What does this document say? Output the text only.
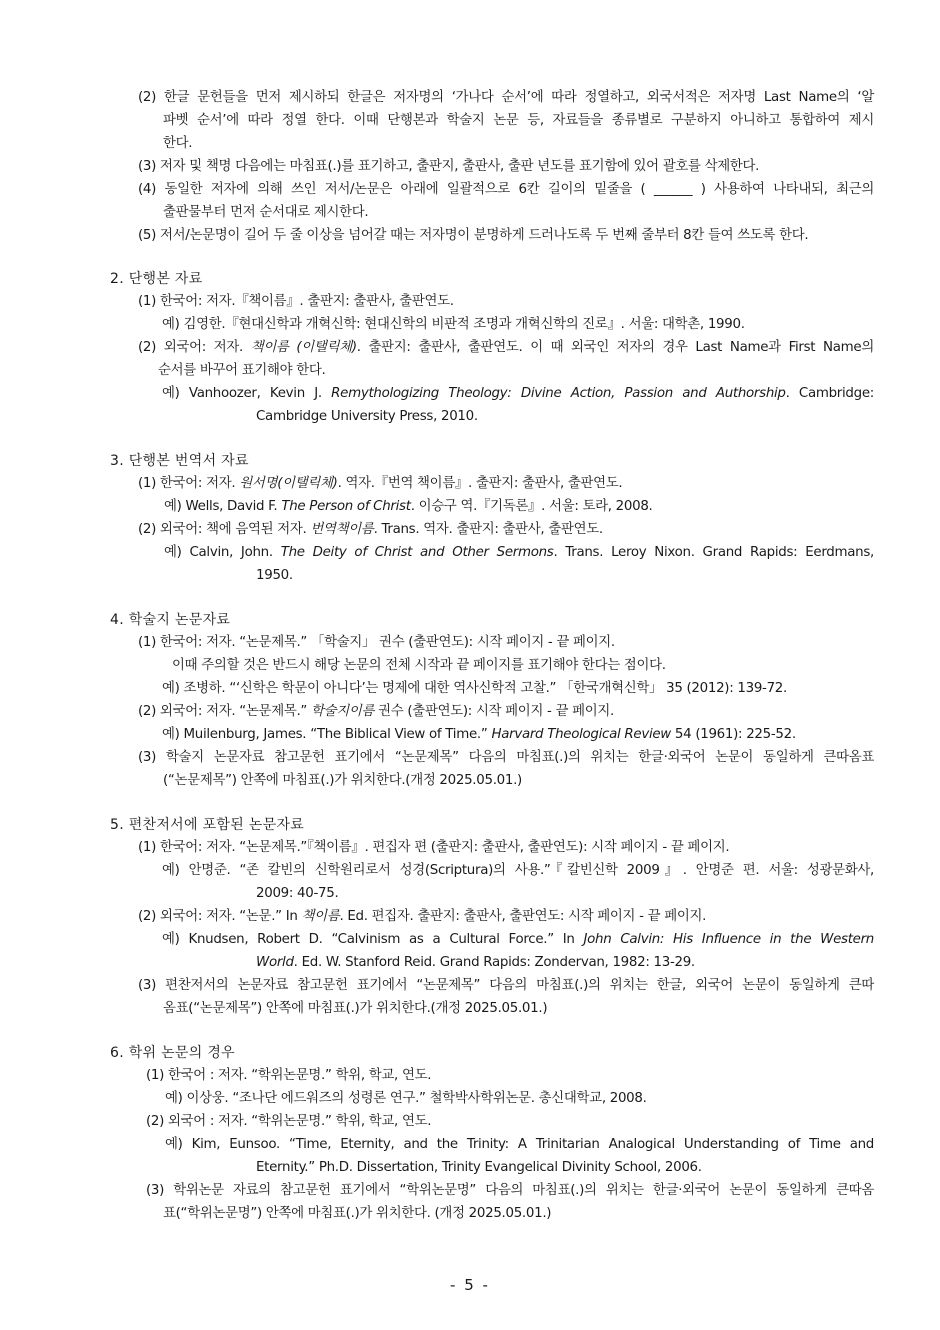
(2) 한글 문헌들을 먼저 제시하되 한글은 저자명의 ‘가나다 순서’에 따라 정열하고, 외국서적은 저자명 Last Name의 ‘알
파벳 순서’에 따라 정열 한다. 이때 단행본과 학술지 논문 등, 자료들을 종류별로 구분하지 아니하고 통합하여 제시
한다.
(3) 저자 및 책명 다음에는 마침표(.)를 표기하고, 출판지, 출판사, 출판 년도를 표기함에 있어 괄호를 삭제한다.
(4) 동일한 저자에 의해 쓰인 저서/논문은 아래에 일괄적으로 6칸 길이의 밑줄을 ( ______ ) 사용하여 나타내되, 최근의
출판물부터 먼저 순서대로 제시한다.
(5) 저서/논문명이 길어 두 줄 이상을 넘어갈 때는 저자명이 분명하게 드러나도록 두 번째 줄부터 8칸 들여 쓰도록 한다.
2. 단행본 자료
(1) 한국어: 저자.『책이름』. 출판지: 출판사, 출판연도.
예) 김영한.『현대신학과 개혁신학: 현대신학의 비판적 조명과 개혁신학의 진로』. 서울: 대학촌, 1990.
(2) 외국어: 저자. 책이름 (이탤릭체). 출판지: 출판사, 출판연도. 이 때 외국인 저자의 경우 Last Name과 First Name의
순서를 바꾸어 표기해야 한다.
예) Vanhoozer, Kevin J. Remythologizing Theology: Divine Action, Passion and Authorship. Cambridge:
Cambridge University Press, 2010.
3. 단행본 번역서 자료
(1) 한국어: 저자. 원서명(이탤릭체). 역자.『번역 책이름』. 출판지: 출판사, 출판연도.
예) Wells, David F. The Person of Christ. 이승구 역.『기독론』. 서울: 토라, 2008.
(2) 외국어: 책에 음역된 저자. 번역책이름. Trans. 역자. 출판지: 출판사, 출판연도.
예) Calvin, John. The Deity of Christ and Other Sermons. Trans. Leroy Nixon. Grand Rapids: Eerdmans,
1950.
4. 학술지 논문자료
(1) 한국어: 저자. “논문제목.” 「학술지」 권수 (출판연도): 시작 페이지 - 끝 페이지.
이때 주의할 것은 반드시 해당 논문의 전체 시작과 끝 페이지를 표기해야 한다는 점이다.
예) 조병하. “‘신학은 학문이 아니다’는 명제에 대한 역사신학적 고찰.” 「한국개혁신학」 35 (2012): 139-72.
(2) 외국어: 저자. “논문제목.” 학술지이름 권수 (출판연도): 시작 페이지 - 끝 페이지.
예) Muilenburg, James. “The Biblical View of Time.” Harvard Theological Review 54 (1961): 225-52.
(3) 학술지 논문자료 참고문헌 표기에서 “논문제목” 다음의 마침표(.)의 위치는 한글·외국어 논문이 동일하게 큰따옴표
(“논문제목”) 안쪽에 마침표(.)가 위치한다.(개정 2025.05.01.)
5. 편찬저서에 포함된 논문자료
(1) 한국어: 저자. “논문제목.”『책이름』. 편집자 편 (출판지: 출판사, 출판연도): 시작 페이지 - 끝 페이지.
예) 안명준. “존 칼빈의 신학원리로서 성경(Scriptura)의 사용.”『칼빈신학 2009』. 안명준 편. 서울: 성광문화사,
2009: 40-75.
(2) 외국어: 저자. “논문.” In 책이름. Ed. 편집자. 출판지: 출판사, 출판연도: 시작 페이지 - 끝 페이지.
예) Knudsen, Robert D. “Calvinism as a Cultural Force.” In John Calvin: His Influence in the Western
World. Ed. W. Stanford Reid. Grand Rapids: Zondervan, 1982: 13-29.
(3) 편찬저서의 논문자료 참고문헌 표기에서 “논문제목” 다음의 마침표(.)의 위치는 한글, 외국어 논문이 동일하게 큰따
옴표(“논문제목”) 안쪽에 마침표(.)가 위치한다.(개정 2025.05.01.)
6. 학위 논문의 경우
(1) 한국어 : 저자. “학위논문명.” 학위, 학교, 연도.
예) 이상웅. “조나단 에드워즈의 성령론 연구.” 철학박사학위논문. 총신대학교, 2008.
(2) 외국어 : 저자. “학위논문명.” 학위, 학교, 연도.
예) Kim, Eunsoo. “Time, Eternity, and the Trinity: A Trinitarian Analogical Understanding of Time and
Eternity.” Ph.D. Dissertation, Trinity Evangelical Divinity School, 2006.
(3) 학위논문 자료의 참고문헌 표기에서 “학위논문명” 다음의 마침표(.)의 위치는 한글·외국어 논문이 동일하게 큰따옴
표(“학위논문명”) 안쪽에 마침표(.)가 위치한다. (개정 2025.05.01.)
- 5 -
